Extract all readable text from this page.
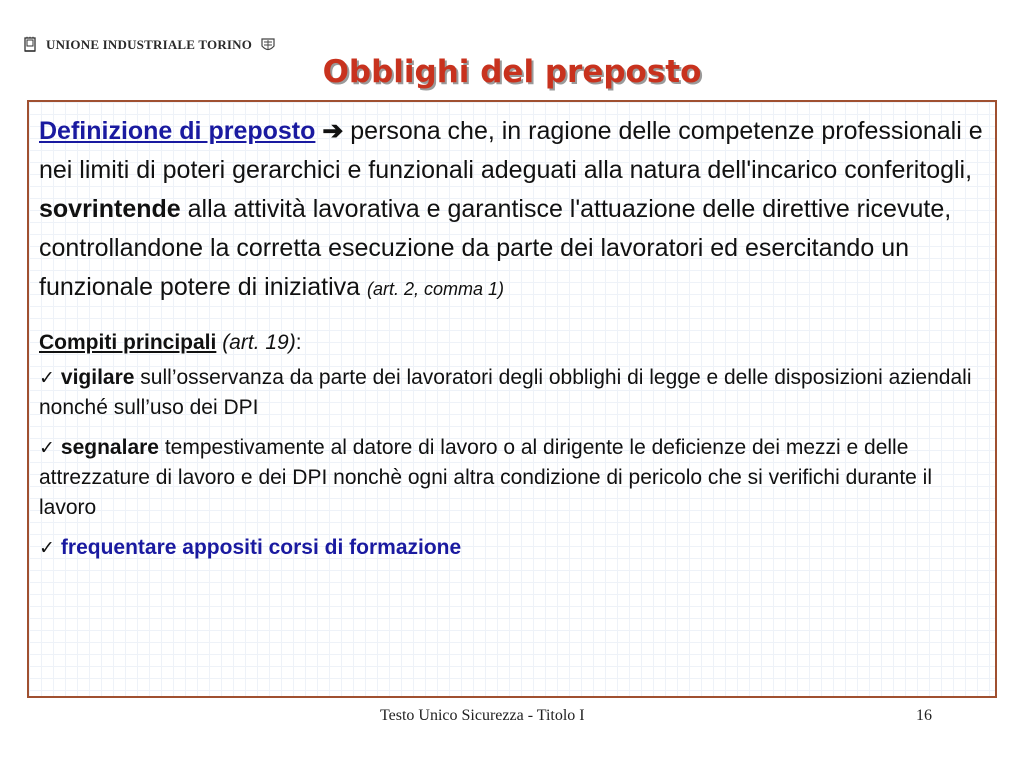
UNIONE INDUSTRIALE TORINO
Obblighi del preposto

Definizione di preposto ➔ persona che, in ragione delle competenze professionali e nei limiti di poteri gerarchici e funzionali adeguati alla natura dell'incarico conferitogli, sovrintende alla attività lavorativa e garantisce l'attuazione delle direttive ricevute, controllandone la corretta esecuzione da parte dei lavoratori ed esercitando un funzionale potere di iniziativa (art. 2, comma 1)

Compiti principali (art. 19):

✓ vigilare sull’osservanza da parte dei lavoratori degli obblighi di legge e delle disposizioni aziendali nonché sull’uso dei DPI

✓ segnalare tempestivamente al datore di lavoro o al dirigente le deficienze dei mezzi e delle attrezzature di lavoro e dei DPI nonchè ogni altra condizione di pericolo che si verifichi durante il lavoro

✓ frequentare appositi corsi di formazione

Testo Unico Sicurezza - Titolo I	16
